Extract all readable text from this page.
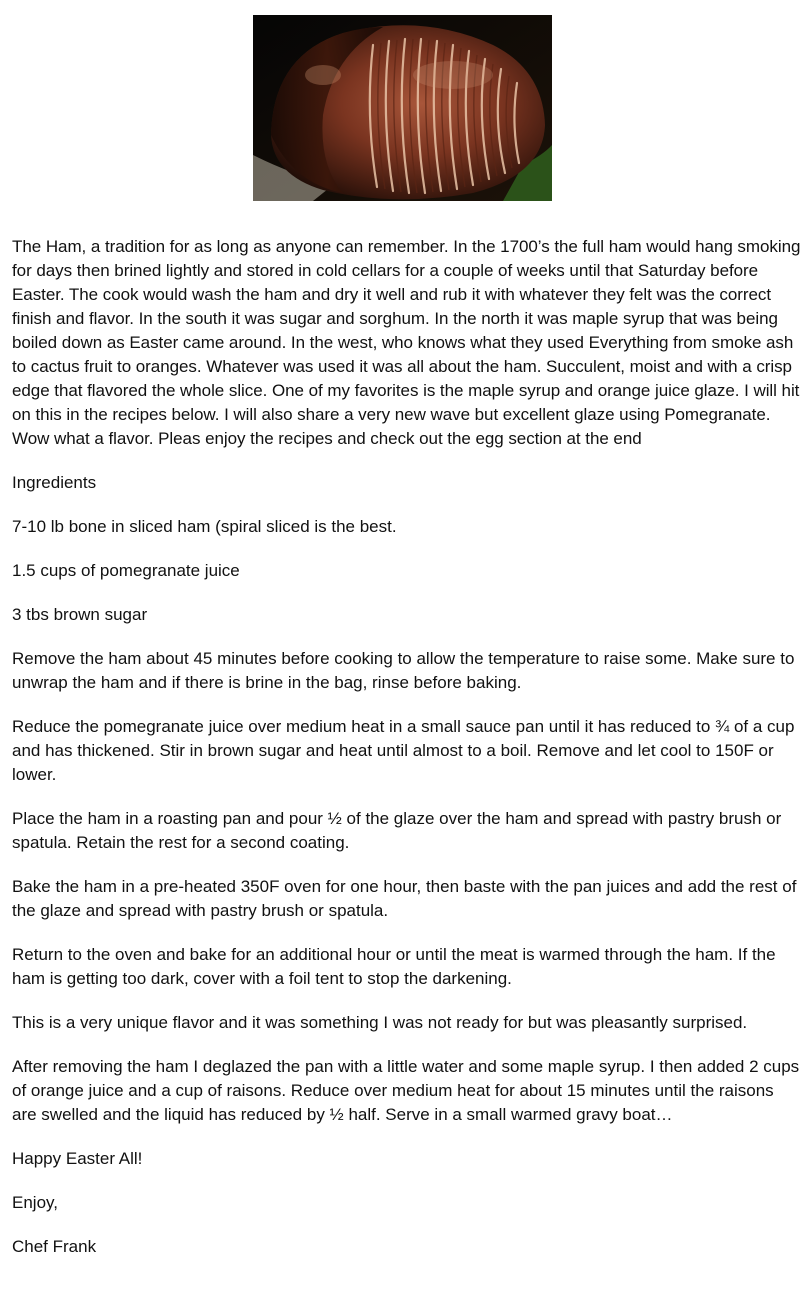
The Ham, a tradition for as long as anyone can remember. In the 1700’s the full ham would hang smoking for days then brined lightly and stored in cold cellars for a couple of weeks until that Saturday before Easter. The cook would wash the ham and dry it well and rub it with whatever they felt was the correct finish and flavor. In the south it was sugar and sorghum. In the north it was maple syrup that was being boiled down as Easter came around. In the west, who knows what they used Everything from smoke ash to cactus fruit to oranges. Whatever was used it was all about the ham. Succulent, moist and with a crisp edge that flavored the whole slice. One of my favorites is the maple syrup and orange juice glaze. I will hit on this in the recipes below. I will also share a very new wave but excellent glaze using Pomegranate. Wow what a flavor. Pleas enjoy the recipes and check out the egg section at the end

Ingredients

7-10 lb bone in sliced ham (spiral sliced is the best.

1.5 cups of pomegranate juice

3 tbs brown sugar

Remove the ham about 45 minutes before cooking to allow the temperature to raise some. Make sure to unwrap the ham and if there is brine in the bag, rinse before baking.

Reduce the pomegranate juice over medium heat in a small sauce pan until it has reduced to ¾ of a cup and has thickened. Stir in brown sugar and heat until almost to a boil. Remove and let cool to 150F or lower.

Place the ham in a roasting pan and pour ½ of the glaze over the ham and spread with pastry brush or spatula. Retain the rest for a second coating.

Bake the ham in a pre-heated 350F oven for one hour, then baste with the pan juices and add the rest of the glaze and spread with pastry brush or spatula.

Return to the oven and bake for an additional hour or until the meat is warmed through the ham. If the ham is getting too dark, cover with a foil tent to stop the darkening.

This is a very unique flavor and it was something I was not ready for but was pleasantly surprised.

After removing the ham I deglazed the pan with a little water and some maple syrup. I then added 2 cups of orange juice and a cup of raisons. Reduce over medium heat for about 15 minutes until the raisons are swelled and the liquid has reduced by ½ half. Serve in a small warmed gravy boat…

Happy Easter All!

Enjoy,

Chef Frank
